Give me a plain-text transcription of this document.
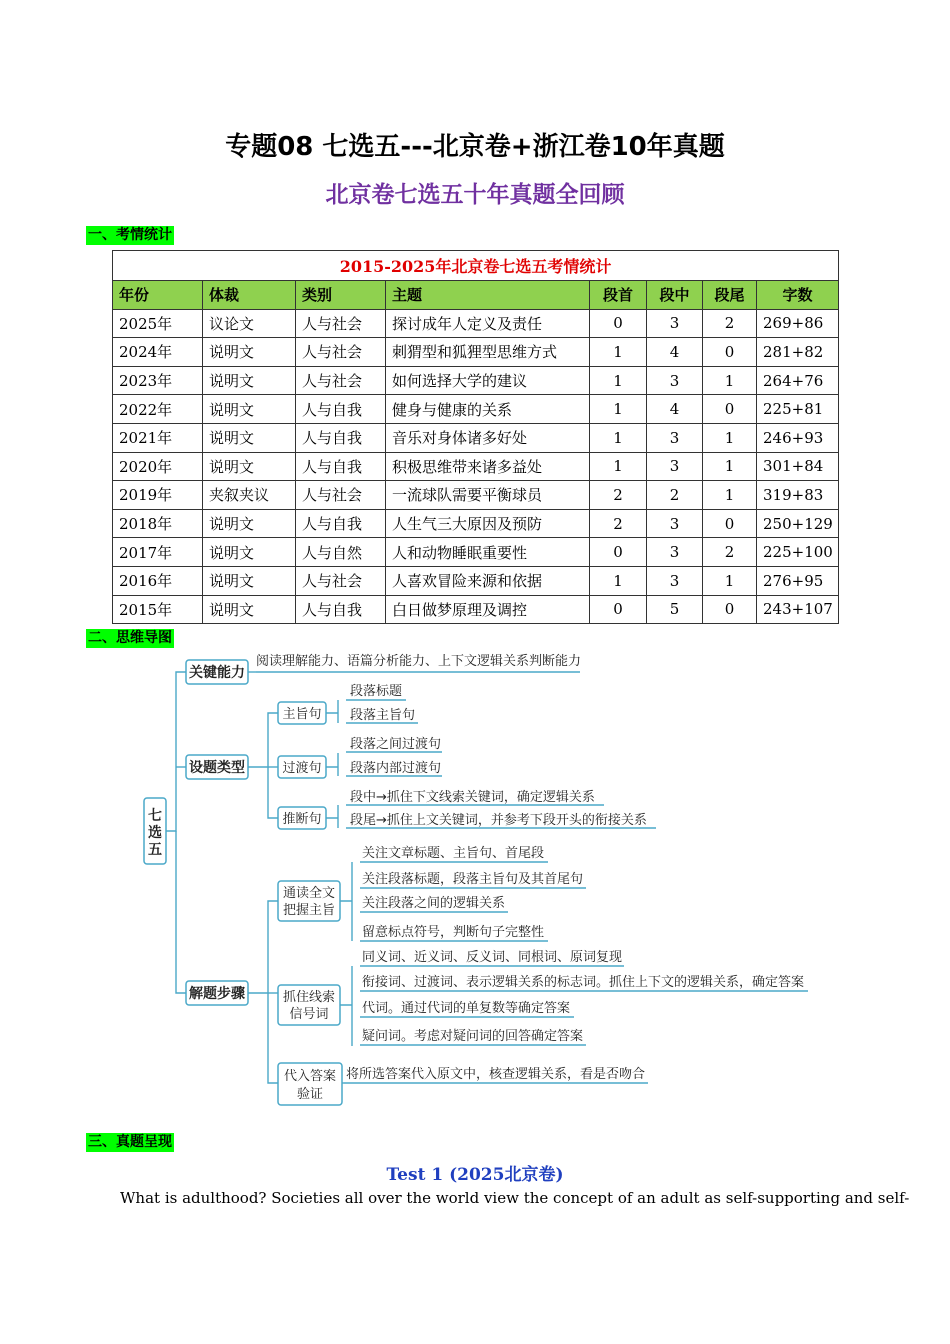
专题08 七选五---北京卷+浙江卷10年真题
北京卷七选五十年真题全回顾
一、考情统计
2015-2025年北京卷七选五考情统计							
年份	体裁	类别	主题	段首	段中	段尾	字数
2025年	议论文	人与社会	探讨成年人定义及责任	0	3	2	269+86
2024年	说明文	人与社会	刺猬型和狐狸型思维方式	1	4	0	281+82
2023年	说明文	人与社会	如何选择大学的建议	1	3	1	264+76
2022年	说明文	人与自我	健身与健康的关系	1	4	0	225+81
2021年	说明文	人与自我	音乐对身体诸多好处	1	3	1	246+93
2020年	说明文	人与自我	积极思维带来诸多益处	1	3	1	301+84
2019年	夹叙夹议	人与社会	一流球队需要平衡球员	2	2	1	319+83
2018年	说明文	人与自我	人生气三大原因及预防	2	3	0	250+129
2017年	说明文	人与自然	人和动物睡眠重要性	0	3	2	225+100
2016年	说明文	人与社会	人喜欢冒险来源和依据	1	3	1	276+95
2015年	说明文	人与自我	白日做梦原理及调控	0	5	0	243+107
二、思维导图
七
选
五
关键能力
阅读理解能力、语篇分析能力、上下文逻辑关系判断能力
设题类型
解题步骤
主旨句
段落标题
段落主旨句
过渡句
段落之间过渡句
段落内部过渡句
推断句
段中→抓住下文线索关键词，确定逻辑关系
段尾→抓住上文关键词，并参考下段开头的衔接关系
通读全文
把握主旨
关注文章标题、主旨句、首尾段
关注段落标题，段落主旨句及其首尾句
关注段落之间的逻辑关系
留意标点符号，判断句子完整性
抓住线索
信号词
同义词、近义词、反义词、同根词、原词复现
衔接词、过渡词、表示逻辑关系的标志词。抓住上下文的逻辑关系，确定答案
代词。通过代词的单复数等确定答案
疑问词。考虑对疑问词的回答确定答案
代入答案
验证
将所选答案代入原文中，核查逻辑关系，看是否吻合
三、真题呈现
Test 1 (2025北京卷)
What is adulthood? Societies all over the world view the concept of an adult as self-supporting and self-
